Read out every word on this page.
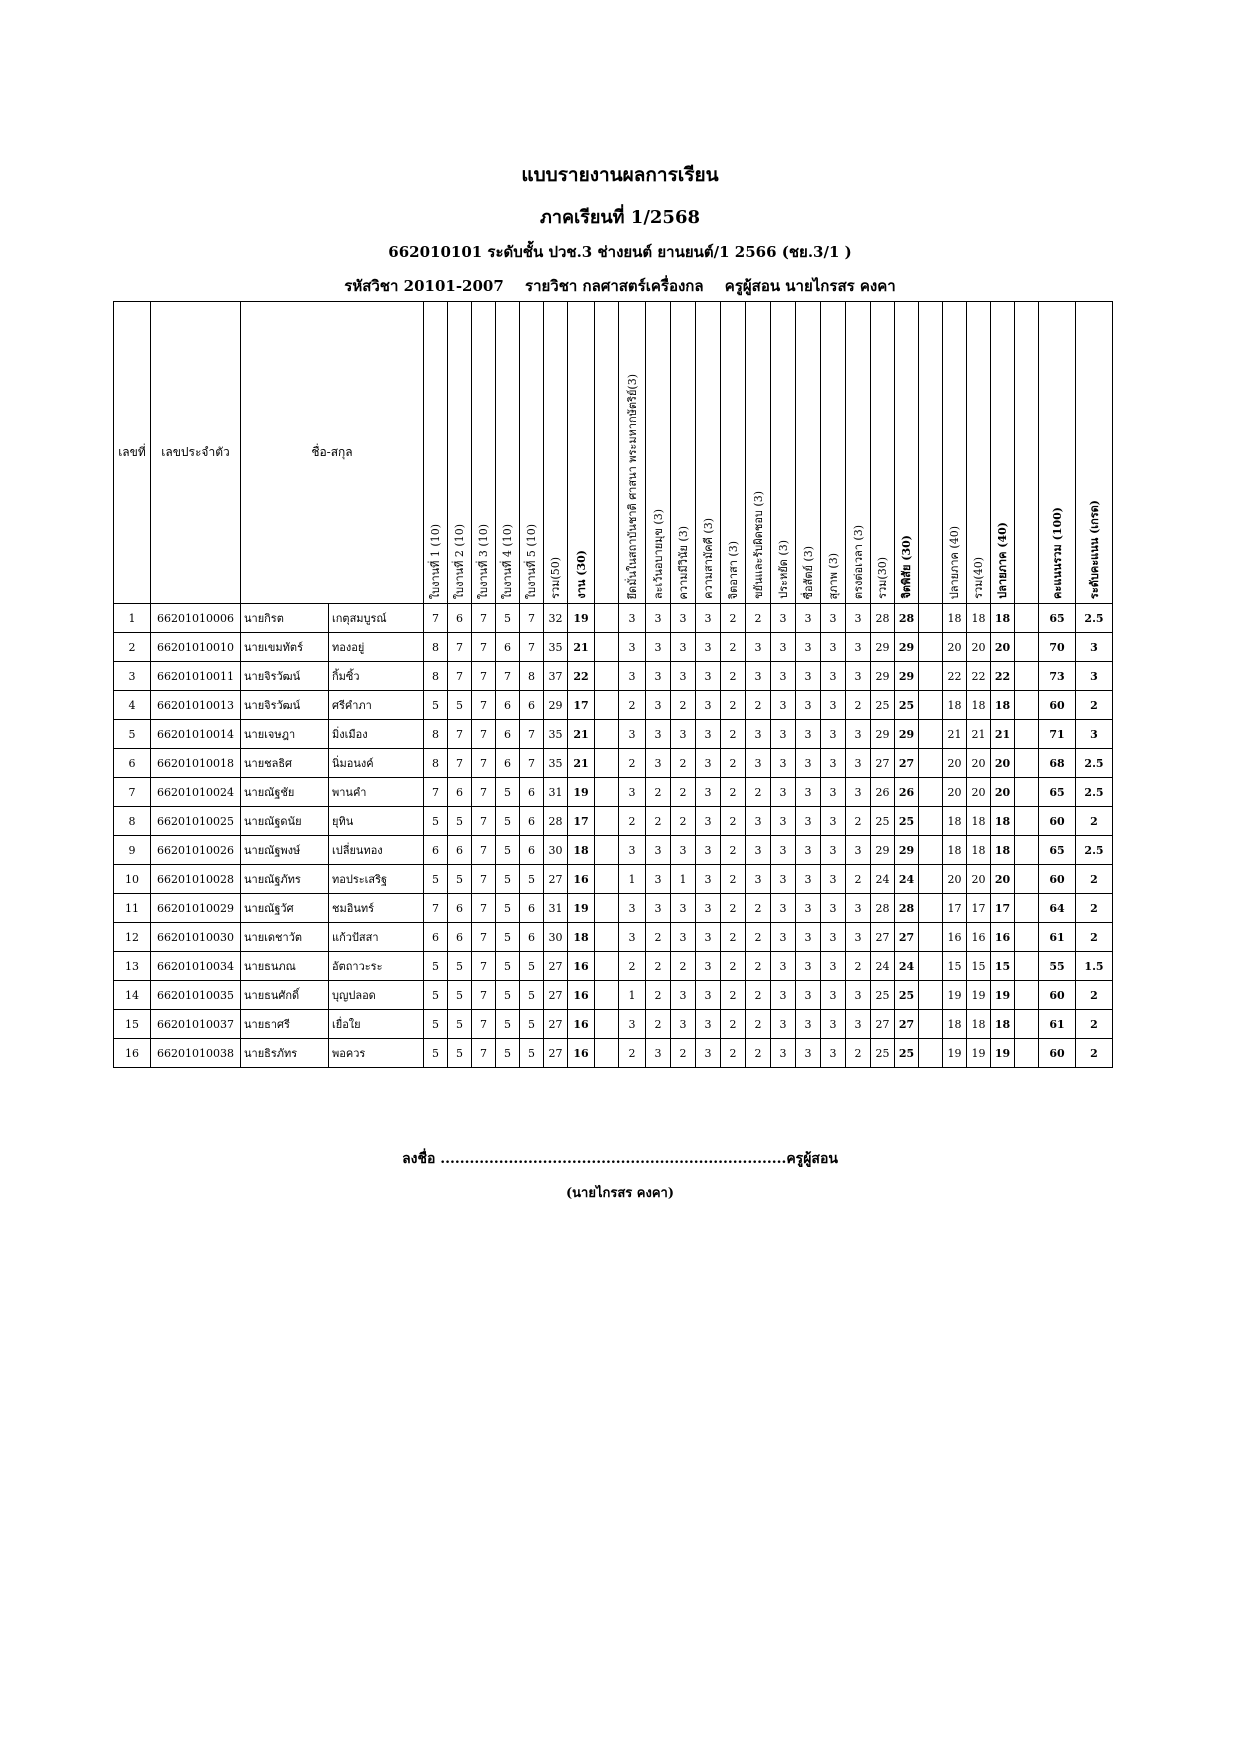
แบบรายงานผลการเรียน
ภาคเรียนที่ 1/2568
662010101 ระดับชั้น ปวช.3 ช่างยนต์ ยานยนต์/1 2566 (ชย.3/1 )
รหัสวิชา 20101-2007 รายวิชา กลศาสตร์เครื่องกล ครูผู้สอน นายไกรสร คงคา
เลขที่	เลขประจำตัว	ชื่อ-สกุล		ใบงานที่ 1 (10)	ใบงานที่ 2 (10)	ใบงานที่ 3 (10)	ใบงานที่ 4 (10)	ใบงานที่ 5 (10)	รวม(50)	งาน (30)		ยึดมั่นในสถาบันชาติ ศาสนา พระมหากษัตริย์(3)	ละเว้นอบายมุข (3)	ความมีวินัย (3)	ความสามัคคี (3)	จิตอาสา (3)	ขยันและรับผิดชอบ (3)	ประหยัด (3)	ซื่อสัตย์ (3)	สุภาพ (3)	ตรงต่อเวลา (3)	รวม(30)	จิตพิสัย (30)		ปลายภาค (40)	รวม(40)	ปลายภาค (40)		คะแนนรวม (100)	ระดับคะแนน (เกรด)

1	66201010006	นายกิรต	เกตุสมบูรณ์	7	6	7	5	7	32	19		3	3	3	3	2	2	3	3	3	3	28	28		18	18	18		65	2.5
2	66201010010	นายเขมทัตร์	ทองอยู่	8	7	7	6	7	35	21		3	3	3	3	2	3	3	3	3	3	29	29		20	20	20		70	3
3	66201010011	นายจิรวัฒน์	กิ้มซิ้ว	8	7	7	7	8	37	22		3	3	3	3	2	3	3	3	3	3	29	29		22	22	22		73	3
4	66201010013	นายจิรวัฒน์	ศรีคำภา	5	5	7	6	6	29	17		2	3	2	3	2	2	3	3	3	2	25	25		18	18	18		60	2
5	66201010014	นายเจษฎา	มิ่งเมือง	8	7	7	6	7	35	21		3	3	3	3	2	3	3	3	3	3	29	29		21	21	21		71	3
6	66201010018	นายชลธิศ	นิ่มอนงค์	8	7	7	6	7	35	21		2	3	2	3	2	3	3	3	3	3	27	27		20	20	20		68	2.5
7	66201010024	นายณัฐชัย	พานคำ	7	6	7	5	6	31	19		3	2	2	3	2	2	3	3	3	3	26	26		20	20	20		65	2.5
8	66201010025	นายณัฐดนัย	ยุทิน	5	5	7	5	6	28	17		2	2	2	3	2	3	3	3	3	2	25	25		18	18	18		60	2
9	66201010026	นายณัฐพงษ์	เปลี่ยนทอง	6	6	7	5	6	30	18		3	3	3	3	2	3	3	3	3	3	29	29		18	18	18		65	2.5
10	66201010028	นายณัฐภัทร	ทอประเสริฐ	5	5	7	5	5	27	16		1	3	1	3	2	3	3	3	3	2	24	24		20	20	20		60	2
11	66201010029	นายณัฐวัศ	ชมอินทร์	7	6	7	5	6	31	19		3	3	3	3	2	2	3	3	3	3	28	28		17	17	17		64	2
12	66201010030	นายเดชาวัต	แก้วปัสสา	6	6	7	5	6	30	18		3	2	3	3	2	2	3	3	3	3	27	27		16	16	16		61	2
13	66201010034	นายธนภณ	อัตถาวะระ	5	5	7	5	5	27	16		2	2	2	3	2	2	3	3	3	2	24	24		15	15	15		55	1.5
14	66201010035	นายธนศักดิ์	บุญปลอด	5	5	7	5	5	27	16		1	2	3	3	2	2	3	3	3	3	25	25		19	19	19		60	2
15	66201010037	นายธาศรี	เยื่อใย	5	5	7	5	5	27	16		3	2	3	3	2	2	3	3	3	3	27	27		18	18	18		61	2
16	66201010038	นายธิรภัทร	พอควร	5	5	7	5	5	27	16		2	3	2	3	2	2	3	3	3	2	25	25		19	19	19		60	2
ลงชื่อ .......................................................................ครูผู้สอน
(นายไกรสร คงคา)
